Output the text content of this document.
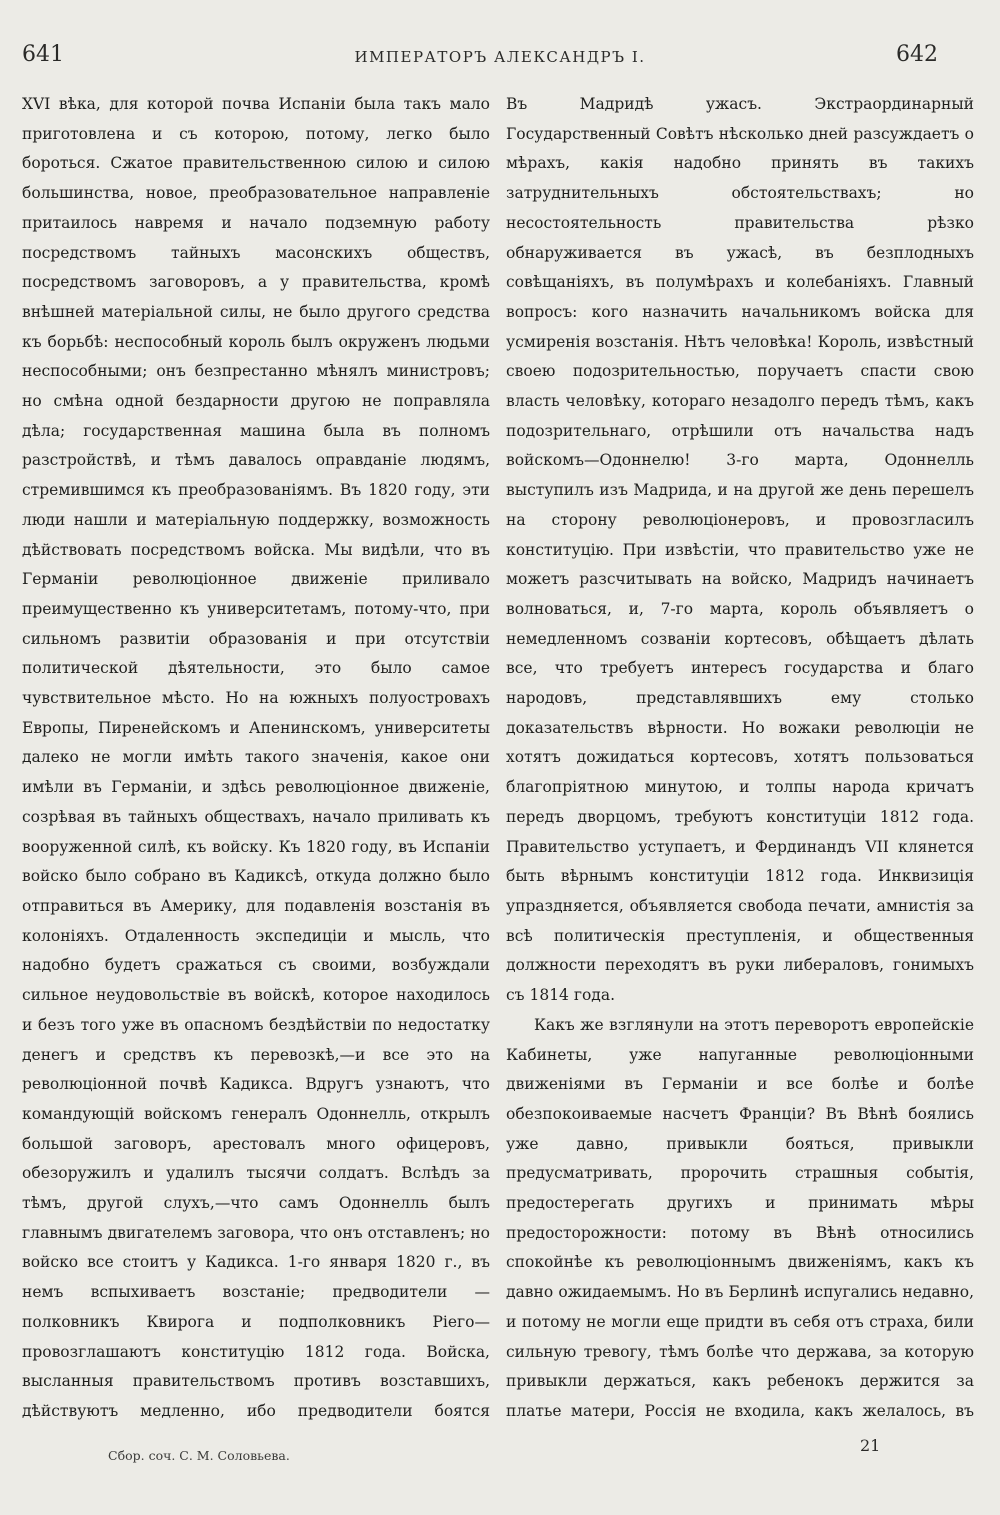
641	ИМПЕРАТОРЪ АЛЕКСАНДРЪ I.	642

XVI вѣка, для которой почва Испаніи была такъ мало приготовлена и съ которою, потому, легко было бороться. Сжатое правительственною силою и силою большинства, новое, преобразовательное направленіе притаилось навремя и начало подземную работу посредствомъ тайныхъ масонскихъ обществъ, посредствомъ заговоровъ, а у правительства, кромѣ внѣшней матеріальной силы, не было другого средства къ борьбѣ: неспособный король былъ окруженъ людьми неспособными; онъ безпрестанно мѣнялъ министровъ; но смѣна одной бездарности другою не поправляла дѣла; государственная машина была въ полномъ разстройствѣ, и тѣмъ давалось оправданіе людямъ, стремившимся къ преобразованіямъ. Въ 1820 году, эти люди нашли и матеріальную поддержку, возможность дѣйствовать посредствомъ войска. Мы видѣли, что въ Германіи революціонное движеніе приливало преимущественно къ университетамъ, потому-что, при сильномъ развитіи образованія и при отсутствіи политической дѣятельности, это было самое чувствительное мѣсто. Но на южныхъ полуостровахъ Европы, Пиренейскомъ и Апенинскомъ, университеты далеко не могли имѣть такого значенія, какое они имѣли въ Германіи, и здѣсь революціонное движеніе, созрѣвая въ тайныхъ обществахъ, начало приливать къ вооруженной силѣ, къ войску. Къ 1820 году, въ Испаніи войско было собрано въ Кадиксѣ, откуда должно было отправиться въ Америку, для подавленія возстанія въ колоніяхъ. Отдаленность экспедиціи и мысль, что надобно будетъ сражаться съ своими, возбуждали сильное неудовольствіе въ войскѣ, которое находилось и безъ того уже въ опасномъ бездѣйствіи по недостатку денегъ и средствъ къ перевозкѣ,—и все это на революціонной почвѣ Кадикса. Вдругъ узнаютъ, что командующій войскомъ генералъ Одоннелль, открылъ большой заговоръ, арестовалъ много офицеровъ, обезоружилъ и удалилъ тысячи солдатъ. Вслѣдъ за тѣмъ, другой слухъ,—что самъ Одоннелль былъ главнымъ двигателемъ заговора, что онъ отставленъ; но войско все стоитъ у Кадикса. 1-го января 1820 г., въ немъ вспыхиваетъ возстаніе; предводители — полковникъ Квирога и подполковникъ Ріего—провозглашаютъ конституцію 1812 года. Войска, высланныя правительствомъ противъ возставшихъ, дѣйствуютъ медленно, ибо предводители боятся

Въ Мадридѣ ужасъ. Экстраординарный Государственный Совѣтъ нѣсколько дней разсуждаетъ о мѣрахъ, какія надобно принять въ такихъ затруднительныхъ обстоятельствахъ; но несостоятельность правительства рѣзко обнаруживается въ ужасѣ, въ безплодныхъ совѣщаніяхъ, въ полумѣрахъ и колебаніяхъ. Главный вопросъ: кого назначить начальникомъ войска для усмиренія возстанія. Нѣтъ человѣка! Король, извѣстный своею подозрительностью, поручаетъ спасти свою власть человѣку, котораго незадолго передъ тѣмъ, какъ подозрительнаго, отрѣшили отъ начальства надъ войскомъ—Одоннелю! 3-го марта, Одоннелль выступилъ изъ Мадрида, и на другой же день перешелъ на сторону революціонеровъ, и провозгласилъ конституцію. При извѣстіи, что правительство уже не можетъ разсчитывать на войско, Мадридъ начинаетъ волноваться, и, 7-го марта, король объявляетъ о немедленномъ созваніи кортесовъ, обѣщаетъ дѣлать все, что требуетъ интересъ государства и благо народовъ, представлявшихъ ему столько доказательствъ вѣрности. Но вожаки революціи не хотятъ дожидаться кортесовъ, хотятъ пользоваться благопріятною минутою, и толпы народа кричатъ передъ дворцомъ, требуютъ конституціи 1812 года. Правительство уступаетъ, и Фердинандъ VII клянется быть вѣрнымъ конституціи 1812 года. Инквизиція упраздняется, объявляется свобода печати, амнистія за всѣ политическія преступленія, и общественныя должности переходятъ въ руки либераловъ, гонимыхъ съ 1814 года.

Какъ же взглянули на этотъ переворотъ европейскіе Кабинеты, уже напуганные революціонными движеніями въ Германіи и все болѣе и болѣе обезпокоиваемые насчетъ Франціи? Въ Вѣнѣ боялись уже давно, привыкли бояться, привыкли предусматривать, пророчить страшныя событія, предостерегать другихъ и принимать мѣры предосторожности: потому въ Вѣнѣ относились спокойнѣе къ революціоннымъ движеніямъ, какъ къ давно ожидаемымъ. Но въ Берлинѣ испугались недавно, и потому не могли еще придти въ себя отъ страха, били сильную тревогу, тѣмъ болѣе что держава, за которую привыкли держаться, какъ ребенокъ держится за платье матери, Россія не входила, какъ желалось, въ

Сбор. соч. С. М. Соловьева.
21
